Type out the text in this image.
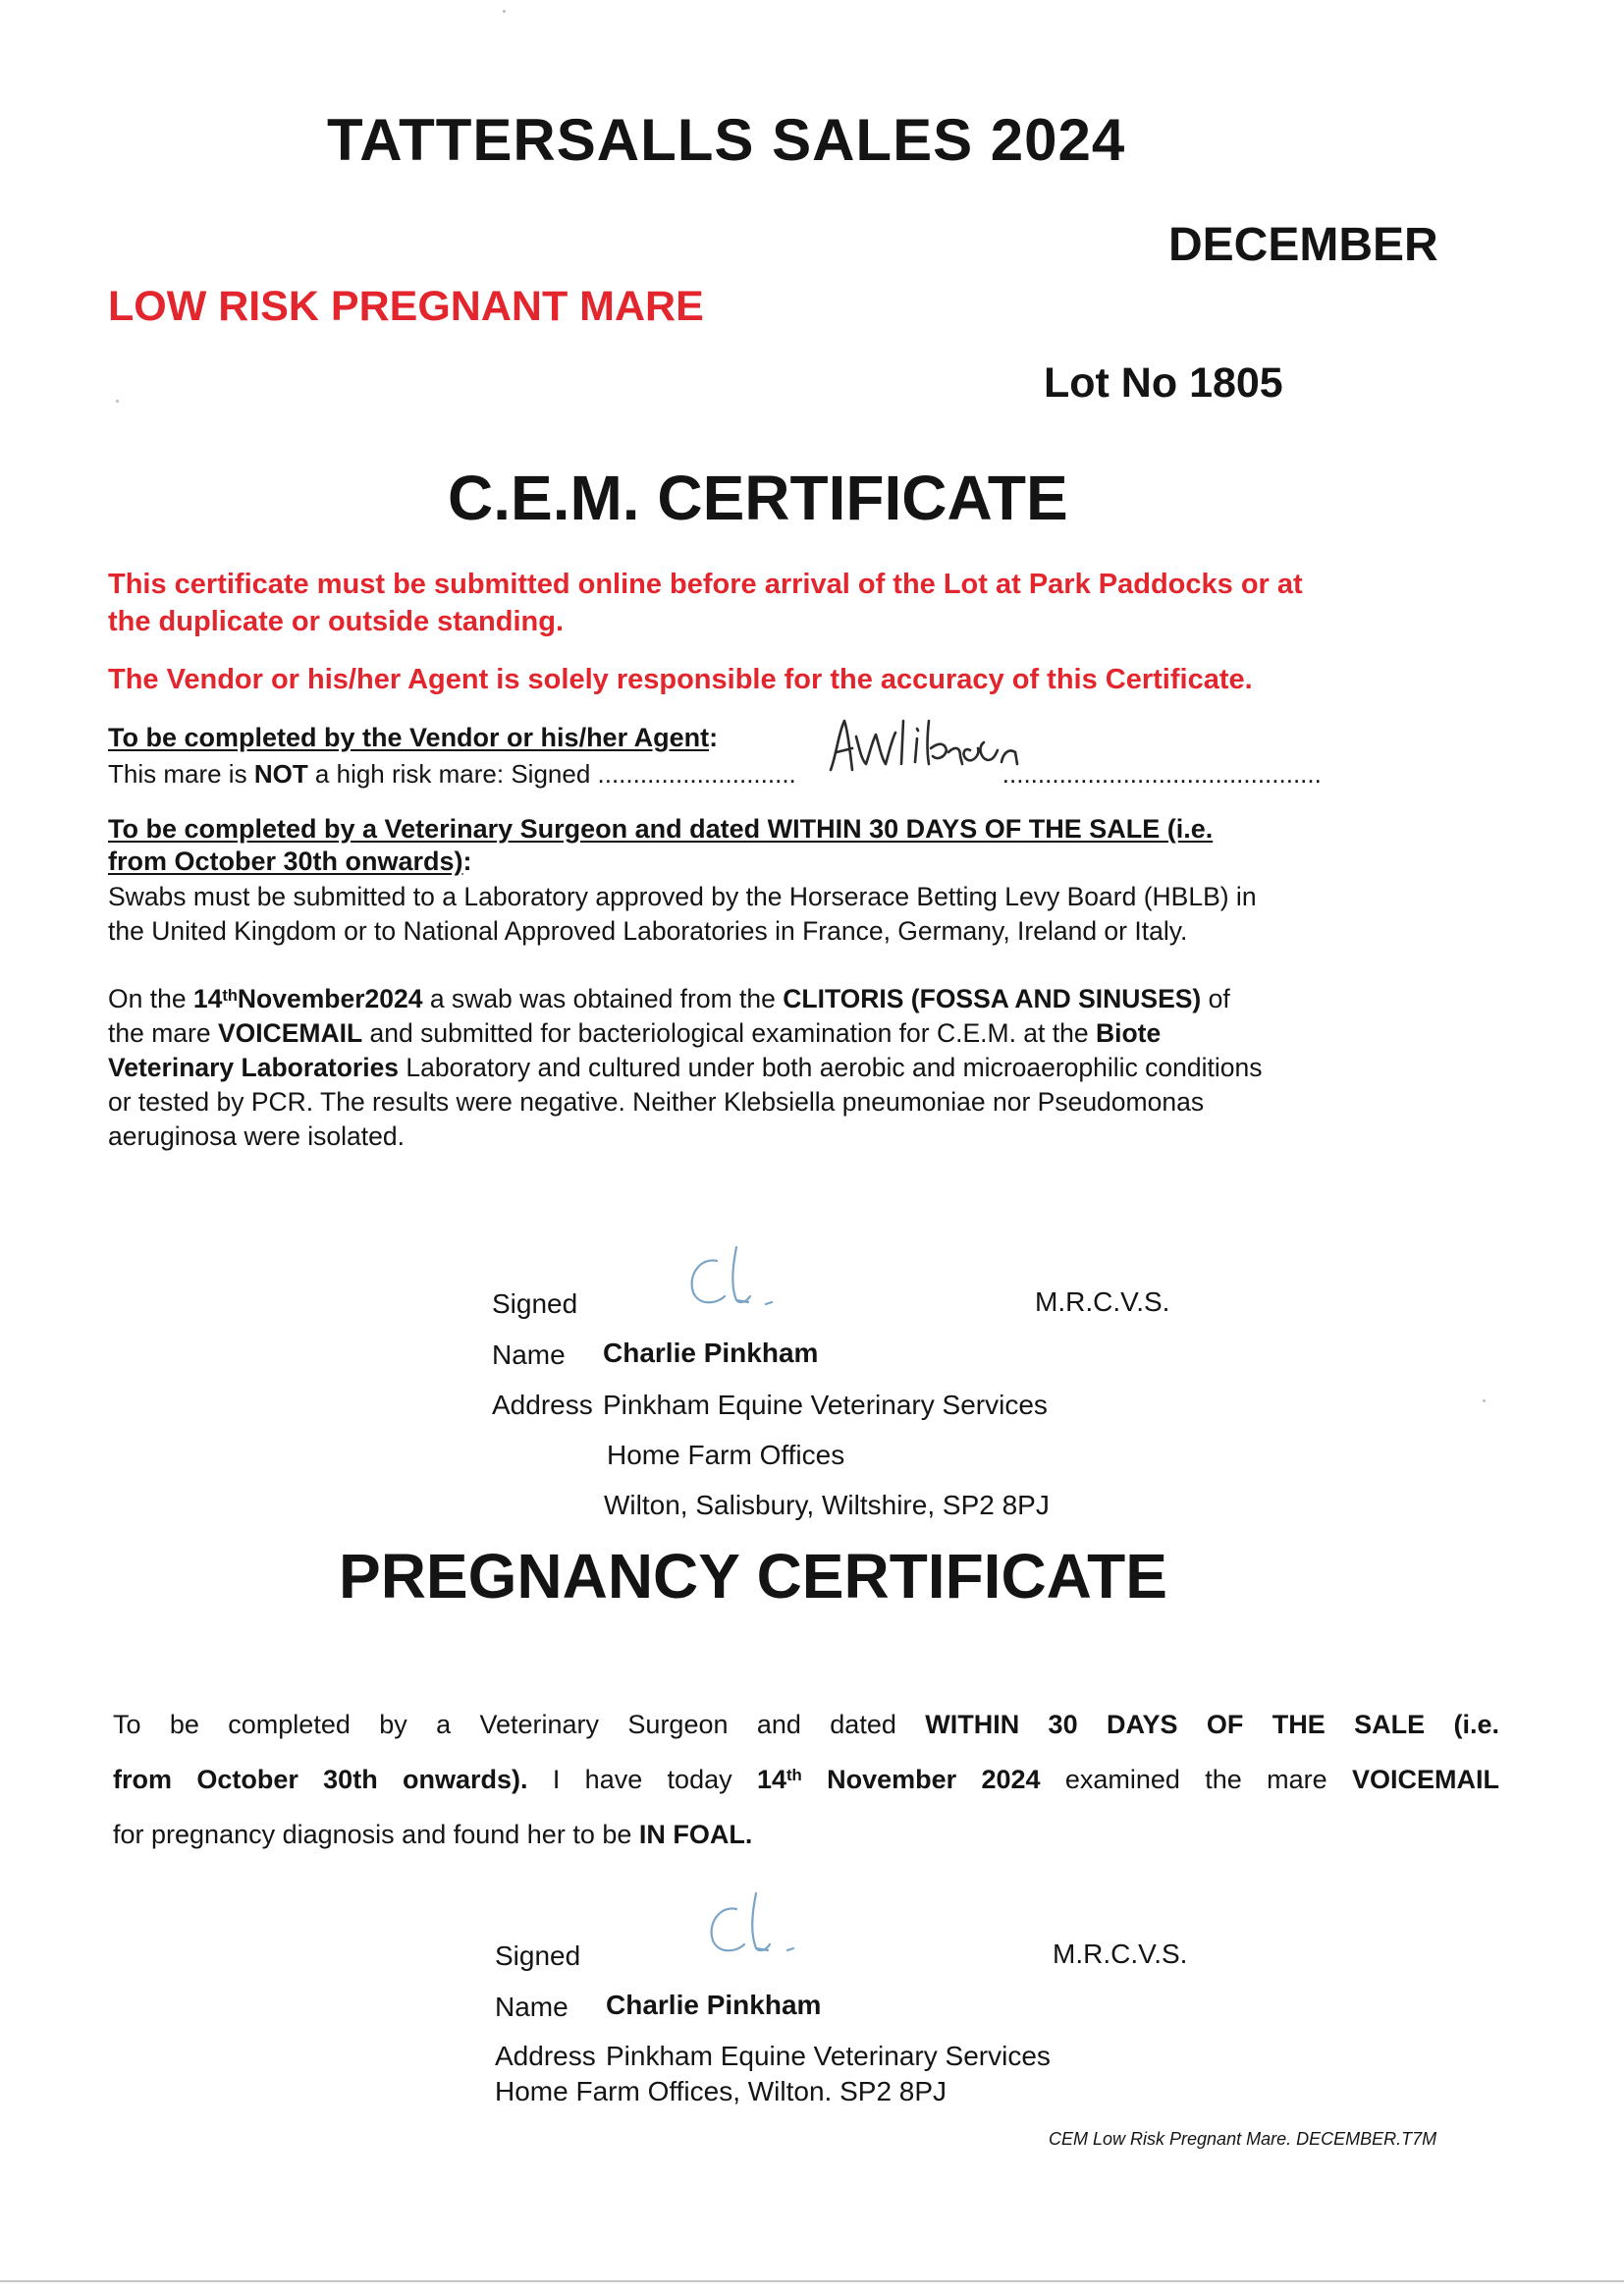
TATTERSALLS SALES 2024
DECEMBER
LOW RISK PREGNANT MARE
Lot No 1805
C.E.M. CERTIFICATE
This certificate must be submitted online before arrival of the Lot at Park Paddocks or at
the duplicate or outside standing.
The Vendor or his/her Agent is solely responsible for the accuracy of this Certificate.
To be completed by the Vendor or his/her Agent:
This mare is NOT a high risk mare: Signed ............................	.............................................
To be completed by a Veterinary Surgeon and dated WITHIN 30 DAYS OF THE SALE (i.e.
from October 30th onwards):
Swabs must be submitted to a Laboratory approved by the Horserace Betting Levy Board (HBLB) in
the United Kingdom or to National Approved Laboratories in France, Germany, Ireland or Italy.
On the 14thNovember2024 a swab was obtained from the CLITORIS (FOSSA AND SINUSES) of
the mare VOICEMAIL and submitted for bacteriological examination for C.E.M. at the Biote
Veterinary Laboratories Laboratory and cultured under both aerobic and microaerophilic conditions
or tested by PCR. The results were negative. Neither Klebsiella pneumoniae nor Pseudomonas
aeruginosa were isolated.
Signed	M.R.C.V.S.
Name Charlie Pinkham
Address Pinkham Equine Veterinary Services
Home Farm Offices
Wilton, Salisbury, Wiltshire, SP2 8PJ
PREGNANCY CERTIFICATE
To be completed by a Veterinary Surgeon and dated WITHIN 30 DAYS OF THE SALE (i.e.
from October 30th onwards). I have today 14th November 2024 examined the mare VOICEMAIL
for pregnancy diagnosis and found her to be IN FOAL.
Signed	M.R.C.V.S.
Name Charlie Pinkham
Address Pinkham Equine Veterinary Services
Home Farm Offices, Wilton. SP2 8PJ
CEM Low Risk Pregnant Mare. DECEMBER.T7M
